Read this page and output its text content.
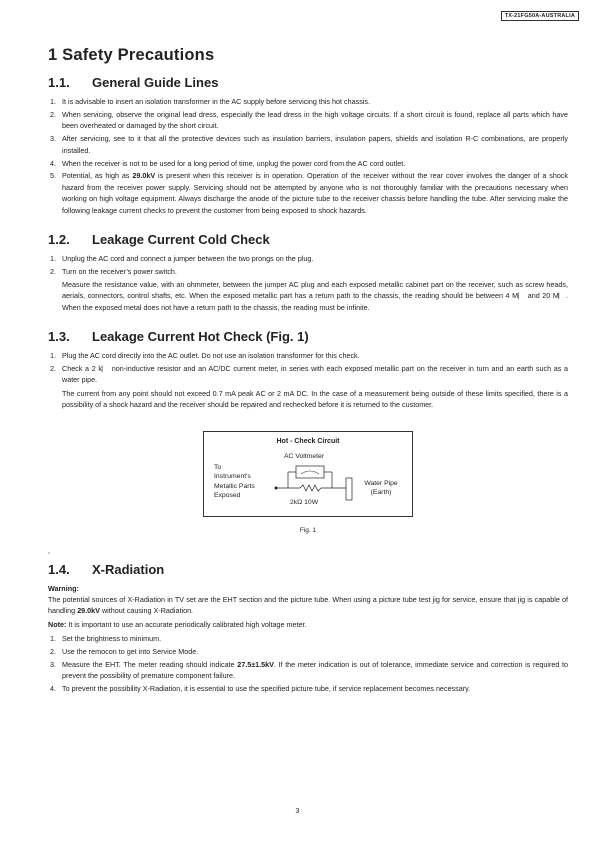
TX-21FG50A-AUSTRALIA
1 Safety Precautions
1.1.	General Guide Lines
1. It is advisable to insert an isolation transformer in the AC supply before servicing this hot chassis.
2. When servicing, observe the original lead dress, especially the lead dress in the high voltage circuits. If a short circuit is found, replace all parts which have been overheated or damaged by the short circuit.
3. After servicing, see to it that all the protective devices such as insulation barriers, insulation papers, shields and isolation R-C combinations, are properly installed.
4. When the receiver is not to be used for a long period of time, unplug the power cord from the AC cord outlet.
5. Potential, as high as 29.0kV is present when this receiver is in operation. Operation of the receiver without the rear cover involves the danger of a shock hazard from the receiver power supply. Servicing should not be attempted by anyone who is not thoroughly familiar with the precautions necessary when working on high voltage equipment. Always discharge the anode of the picture tube to the receiver chassis before handling the tube. After servicing make the following leakage current checks to prevent the customer from being exposed to shock hazards.
1.2.	Leakage Current Cold Check
1. Unplug the AC cord and connect a jumper between the two prongs on the plug.
2. Turn on the receiver’s power switch.
Measure the resistance value, with an ohmmeter, between the jumper AC plug and each exposed metallic cabinet part on the receiver, such as screw heads, aerials, connectors, control shafts, etc. When the exposed metallic part has a return path to the chassis, the reading should be between 4 M⎸ and 20 M⎸. When the exposed metal does not have a return path to the chassis, the reading must be infinite.
1.3.	Leakage Current Hot Check (Fig. 1)
1. Plug the AC cord directly into the AC outlet. Do not use an isolation transformer for this check.
2. Check a 2 k⎸ non-inductive resistor and an AC/DC current meter, in series with each exposed metallic part on the receiver in turn and an earth such as a water pipe.
The current from any point should not exceed 0.7 mA peak AC or 2 mA DC. In the case of a measurement being outside of these limits specified, there is a possibility of a shock hazard and the receiver should be repaired and rechecked before it is returned to the customer.
Hot - Check Circuit
To
Instrument's
Metallic Parts
Exposed
AC Voltmeter
2kΩ 10W
Water Pipe
(Earth)
Fig. 1
,
1.4.	X-Radiation
Warning:
The potential sources of X-Radiation in TV set are the EHT section and the picture tube. When using a picture tube test jig for service, ensure that jig is capable of handling 29.0kV without causing X-Radiation.
Note: It is important to use an accurate periodically calibrated high voltage meter.
1. Set the brightness to minimum.
2. Use the remocon to get into Service Mode.
3. Measure the EHT. The meter reading should indicate 27.5±1.5kV. If the meter indication is out of tolerance, immediate service and correction is required to prevent the possibility of premature component failure.
4. To prevent the possibility X-Radiation, it is essential to use the specified picture tube, if service replacement becomes necessary.
3
